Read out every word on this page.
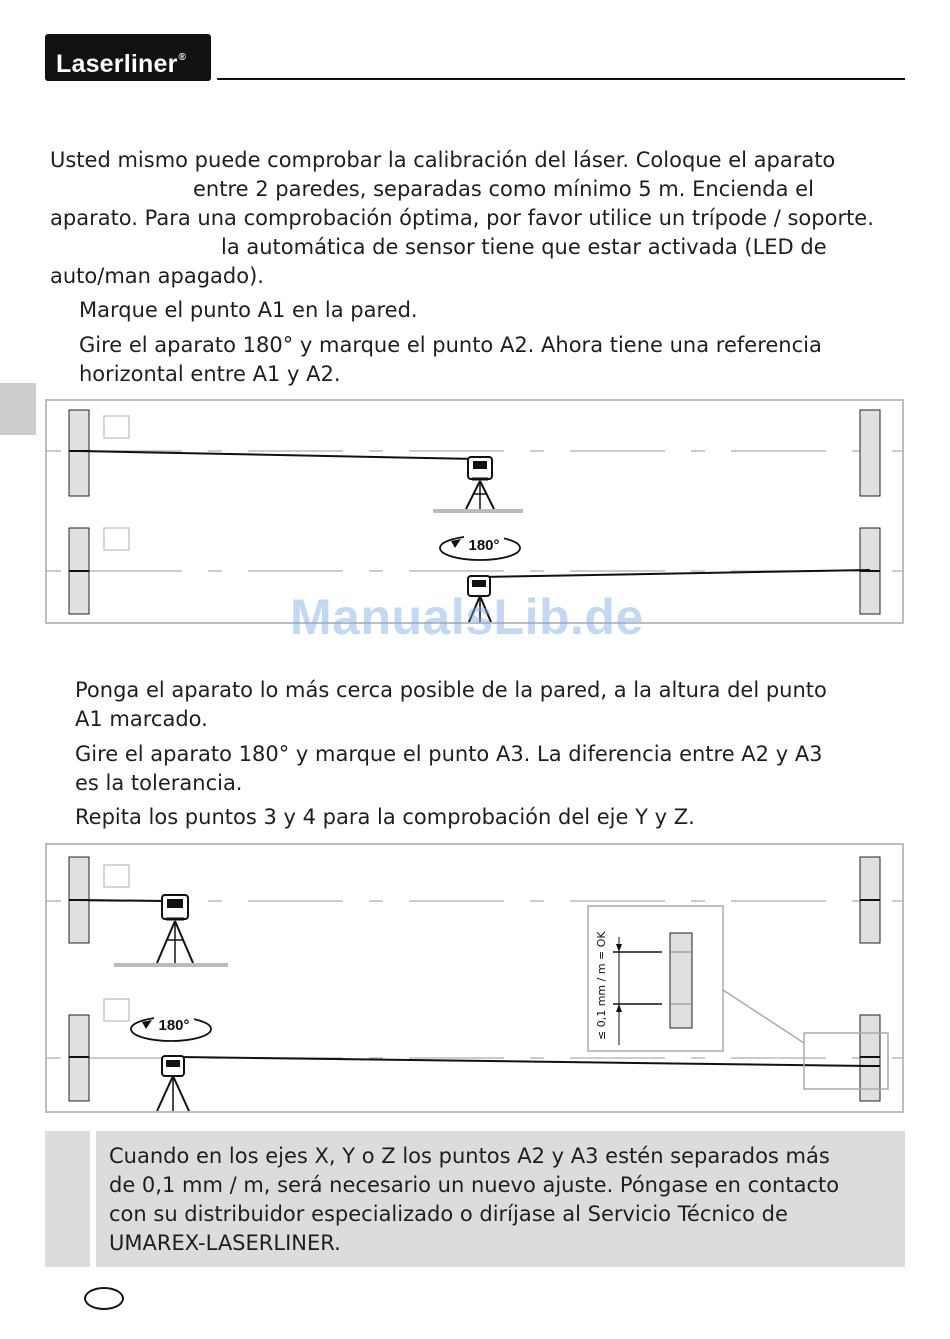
Laserliner®
Usted mismo puede comprobar la calibración del láser. Coloque el aparato
entre 2 paredes, separadas como mínimo 5 m. Encienda el
aparato. Para una comprobación óptima, por favor utilice un trípode / soporte.
la automática de sensor tiene que estar activada (LED de
auto/man apagado).
Marque el punto A1 en la pared.
Gire el aparato 180° y marque el punto A2. Ahora tiene una referencia
horizontal entre A1 y A2.
180°
ManualsLib.de
Ponga el aparato lo más cerca posible de la pared, a la altura del punto
A1 marcado.
Gire el aparato 180° y marque el punto A3. La diferencia entre A2 y A3
es la tolerancia.
Repita los puntos 3 y 4 para la comprobación del eje Y y Z.
180°	≤ 0,1 mm / m = OK
Cuando en los ejes X, Y o Z los puntos A2 y A3 estén separados más
de 0,1 mm / m, será necesario un nuevo ajuste. Póngase en contacto
con su distribuidor especializado o diríjase al Servicio Técnico de
UMAREX-LASERLINER.
